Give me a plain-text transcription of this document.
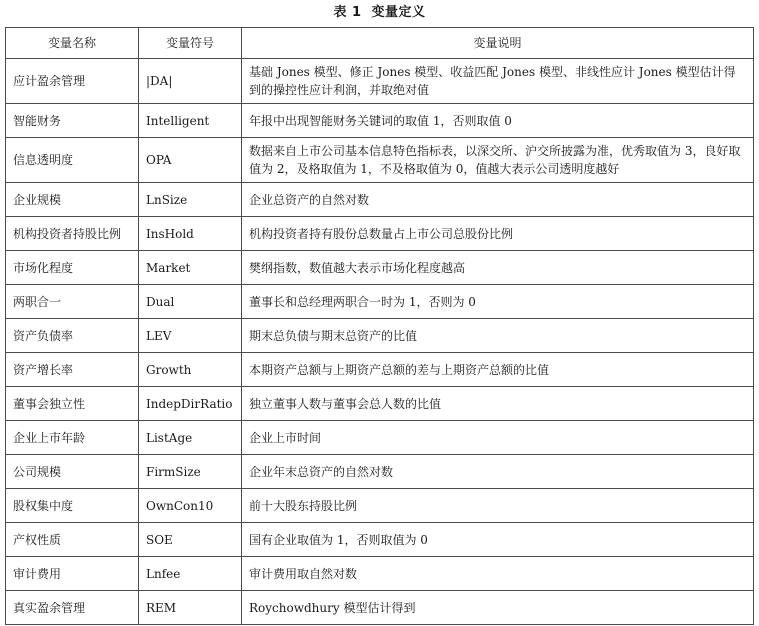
表 1 变量定义
变量名称	变量符号	变量说明
应计盈余管理	|DA|	基础 Jones 模型、修正 Jones 模型、收益匹配 Jones 模型、非线性应计 Jones 模型估计得到的操控性应计利润，并取绝对值
智能财务	Intelligent	年报中出现智能财务关键词的取值 1，否则取值 0
信息透明度	OPA	数据来自上市公司基本信息特色指标表，以深交所、沪交所披露为准，优秀取值为 3，良好取值为 2，及格取值为 1，不及格取值为 0，值越大表示公司透明度越好
企业规模	LnSize	企业总资产的自然对数
机构投资者持股比例	InsHold	机构投资者持有股份总数量占上市公司总股份比例
市场化程度	Market	樊纲指数，数值越大表示市场化程度越高
两职合一	Dual	董事长和总经理两职合一时为 1，否则为 0
资产负债率	LEV	期末总负债与期末总资产的比值
资产增长率	Growth	本期资产总额与上期资产总额的差与上期资产总额的比值
董事会独立性	IndepDirRatio	独立董事人数与董事会总人数的比值
企业上市年龄	ListAge	企业上市时间
公司规模	FirmSize	企业年末总资产的自然对数
股权集中度	OwnCon10	前十大股东持股比例
产权性质	SOE	国有企业取值为 1，否则取值为 0
审计费用	Lnfee	审计费用取自然对数
真实盈余管理	REM	Roychowdhury 模型估计得到
